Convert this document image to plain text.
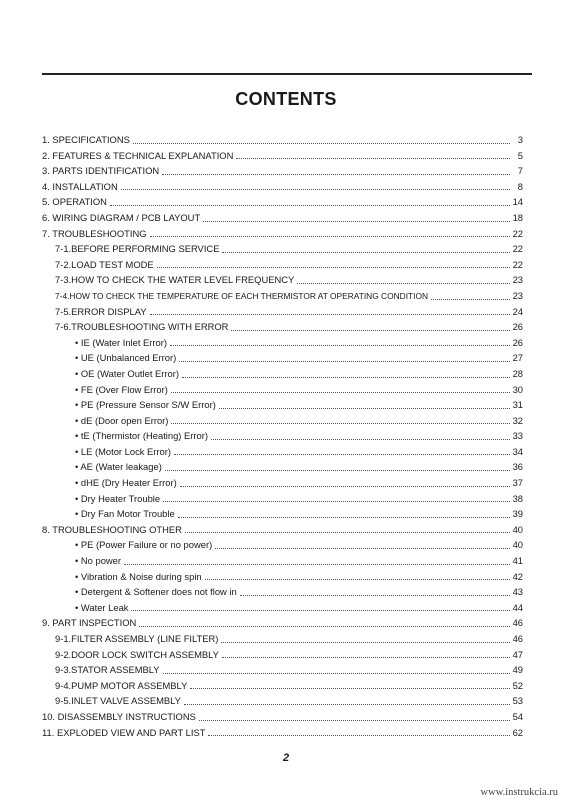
CONTENTS
1. SPECIFICATIONS	3
2. FEATURES & TECHNICAL EXPLANATION	5
3. PARTS IDENTIFICATION	7
4. INSTALLATION	8
5. OPERATION	14
6. WIRING DIAGRAM / PCB LAYOUT	18
7. TROUBLESHOOTING	22
7-1.BEFORE PERFORMING SERVICE	22
7-2.LOAD TEST MODE	22
7-3.HOW TO CHECK THE WATER LEVEL FREQUENCY	23
7-4.HOW TO CHECK THE TEMPERATURE OF EACH THERMISTOR AT OPERATING CONDITION	23
7-5.ERROR DISPLAY	24
7-6.TROUBLESHOOTING WITH ERROR	26
• IE (Water Inlet Error)	26
• UE (Unbalanced Error)	27
• OE (Water Outlet Error)	28
• FE (Over Flow Error)	30
• PE (Pressure Sensor S/W Error)	31
• dE (Door open Error)	32
• tE (Thermistor (Heating) Error)	33
• LE (Motor Lock Error)	34
• AE (Water leakage)	36
• dHE (Dry Heater Error)	37
• Dry Heater Trouble	38
• Dry Fan Motor Trouble	39
8. TROUBLESHOOTING OTHER	40
• PE (Power Failure or no power)	40
• No power	41
• Vibration & Noise during spin	42
• Detergent & Softener does not flow in	43
• Water Leak	44
9. PART INSPECTION	46
9-1.FILTER ASSEMBLY (LINE FILTER)	46
9-2.DOOR LOCK SWITCH ASSEMBLY	47
9-3.STATOR ASSEMBLY	49
9-4.PUMP MOTOR ASSEMBLY	52
9-5.INLET VALVE ASSEMBLY	53
10. DISASSEMBLY INSTRUCTIONS	54
11. EXPLODED VIEW AND PART LIST	62
2
www.instrukcia.ru
